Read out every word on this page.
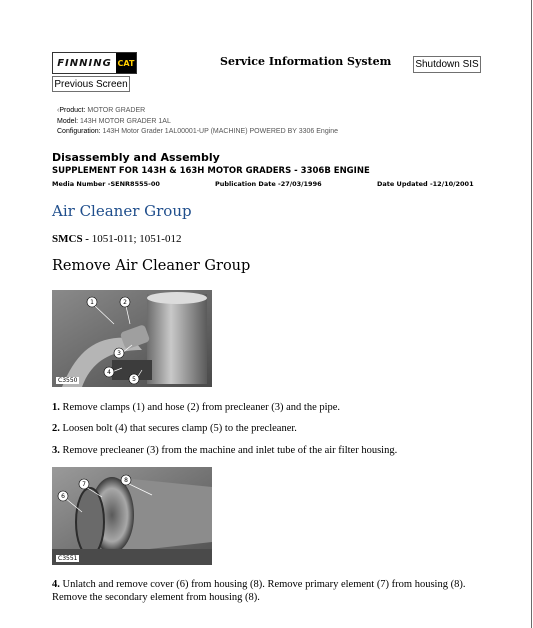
FINNING CAT
Previous Screen
Service Information System Shutdown SIS
‹Product: MOTOR GRADER
Model: 143H MOTOR GRADER 1AL
Configuration: 143H Motor Grader 1AL00001-UP (MACHINE) POWERED BY 3306 Engine
Disassembly and Assembly
SUPPLEMENT FOR 143H & 163H MOTOR GRADERS - 3306B ENGINE
Media Number -SENR8555-00	Publication Date -27/03/1996	Date Updated -12/10/2001
Air Cleaner Group
SMCS - 1051-011; 1051-012
Remove Air Cleaner Group
1	2
3
4
5
C3550
1. Remove clamps (1) and hose (2) from precleaner (3) and the pipe.
2. Loosen bolt (4) that secures clamp (5) to the precleaner.
3. Remove precleaner (3) from the machine and inlet tube of the air filter housing.
6
7
8
C3551
4. Unlatch and remove cover (6) from housing (8). Remove primary element (7) from housing (8). Remove the secondary element from housing (8).
